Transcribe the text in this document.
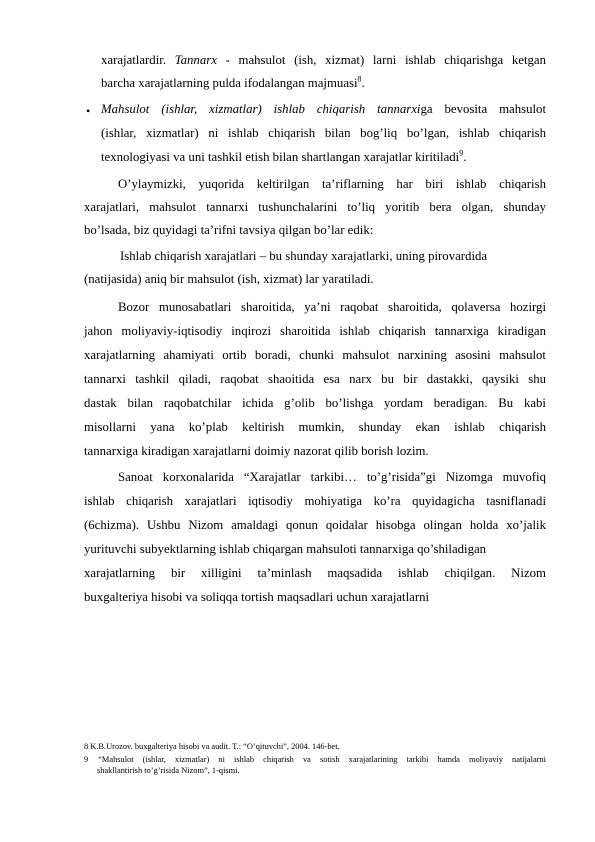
xarajatlardir. Tannarx - mahsulot (ish, xizmat) larni ishlab chiqarishga ketgan
barcha xarajatlarning pulda ifodalangan majmuasi$^8$.
• Mahsulot (ishlar, xizmatlar) ishlab chiqarish tannarxiga bevosita mahsulot
(ishlar, xizmatlar) ni ishlab chiqarish bilan bog’liq bo’lgan, ishlab chiqarish
texnologiyasi va uni tashkil etish bilan shartlangan xarajatlar kiritiladi$^9$.
O’ylaymizki, yuqorida keltirilgan ta’riflarning har biri ishlab chiqarish
xarajatlari, mahsulot tannarxi tushunchalarini to’liq yoritib bera olgan, shunday
bo’lsada, biz quyidagi ta’rifni tavsiya qilgan bo’lar edik:
Ishlab chiqarish xarajatlari – bu shunday xarajatlarki, uning pirovardida
(natijasida) aniq bir mahsulot (ish, xizmat) lar yaratiladi.
Bozor munosabatlari sharoitida, ya’ni raqobat sharoitida, qolaversa hozirgi
jahon moliyaviy-iqtisodiy inqirozi sharoitida ishlab chiqarish tannarxiga kiradigan
xarajatlarning ahamiyati ortib boradi, chunki mahsulot narxining asosini mahsulot
tannarxi tashkil qiladi, raqobat shaoitida esa narx bu bir dastakki, qaysiki shu
dastak bilan raqobatchilar ichida g’olib bo’lishga yordam beradigan. Bu kabi
misollarni yana ko’plab keltirish mumkin, shunday ekan ishlab chiqarish
tannarxiga kiradigan xarajatlarni doimiy nazorat qilib borish lozim.
Sanoat korxonalarida “Xarajatlar tarkibi… to’g’risida”gi Nizomga muvofiq
ishlab chiqarish xarajatlari iqtisodiy mohiyatiga ko’ra quyidagicha tasniflanadi
(6chizma). Ushbu Nizom amaldagi qonun qoidalar hisobga olingan holda xo’jalik
yurituvchi subyektlarning ishlab chiqargan mahsuloti tannarxiga qo’shiladigan
xarajatlarning bir xilligini ta’minlash maqsadida ishlab chiqilgan. Nizom
buxgalteriya hisobi va soliqqa tortish maqsadlari uchun xarajatlarni
8 K.B.Urozov. buxgalteriya hisobi va audit. T.: “O’qituvchi”, 2004. 146-bet.
9 “Mahsulot (ishlar, xizmatlar) ni ishlab chiqarish va sotish xarajatlarining tarkibi hamda moliyaviy natijalarni
shakllantirish to’g’risida Nizom”, 1-qismi.
